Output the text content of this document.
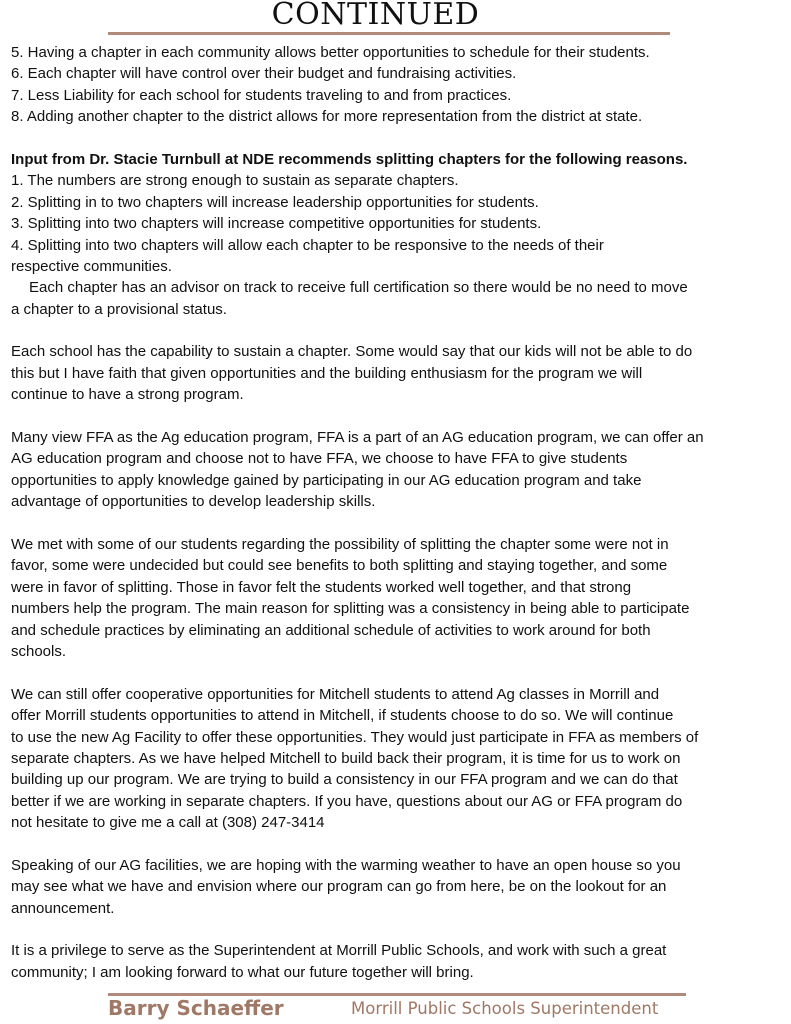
CONTINUED
5. Having a chapter in each community allows better opportunities to schedule for their students.
6. Each chapter will have control over their budget and fundraising activities.
7. Less Liability for each school for students traveling to and from practices.
8. Adding another chapter to the district allows for more representation from the district at state.
Input from Dr. Stacie Turnbull at NDE recommends splitting chapters for the following reasons.
1. The numbers are strong enough to sustain as separate chapters.
2. Splitting in to two chapters will increase leadership opportunities for students.
3. Splitting into two chapters will increase competitive opportunities for students.
4. Splitting into two chapters will allow each chapter to be responsive to the needs of their
respective communities.
Each chapter has an advisor on track to receive full certification so there would be no need to move
a chapter to a provisional status.
Each school has the capability to sustain a chapter. Some would say that our kids will not be able to do
this but I have faith that given opportunities and the building enthusiasm for the program we will
continue to have a strong program.
Many view FFA as the Ag education program, FFA is a part of an AG education program, we can offer an
AG education program and choose not to have FFA, we choose to have FFA to give students
opportunities to apply knowledge gained by participating in our AG education program and take
advantage of opportunities to develop leadership skills.
We met with some of our students regarding the possibility of splitting the chapter some were not in
favor, some were undecided but could see benefits to both splitting and staying together, and some
were in favor of splitting. Those in favor felt the students worked well together, and that strong
numbers help the program. The main reason for splitting was a consistency in being able to participate
and schedule practices by eliminating an additional schedule of activities to work around for both
schools.
We can still offer cooperative opportunities for Mitchell students to attend Ag classes in Morrill and
offer Morrill students opportunities to attend in Mitchell, if students choose to do so. We will continue
to use the new Ag Facility to offer these opportunities. They would just participate in FFA as members of
separate chapters. As we have helped Mitchell to build back their program, it is time for us to work on
building up our program. We are trying to build a consistency in our FFA program and we can do that
better if we are working in separate chapters. If you have, questions about our AG or FFA program do
not hesitate to give me a call at (308) 247-3414
Speaking of our AG facilities, we are hoping with the warming weather to have an open house so you
may see what we have and envision where our program can go from here, be on the lookout for an
announcement.
It is a privilege to serve as the Superintendent at Morrill Public Schools, and work with such a great
community; I am looking forward to what our future together will bring.
Barry Schaeffer	Morrill Public Schools Superintendent
